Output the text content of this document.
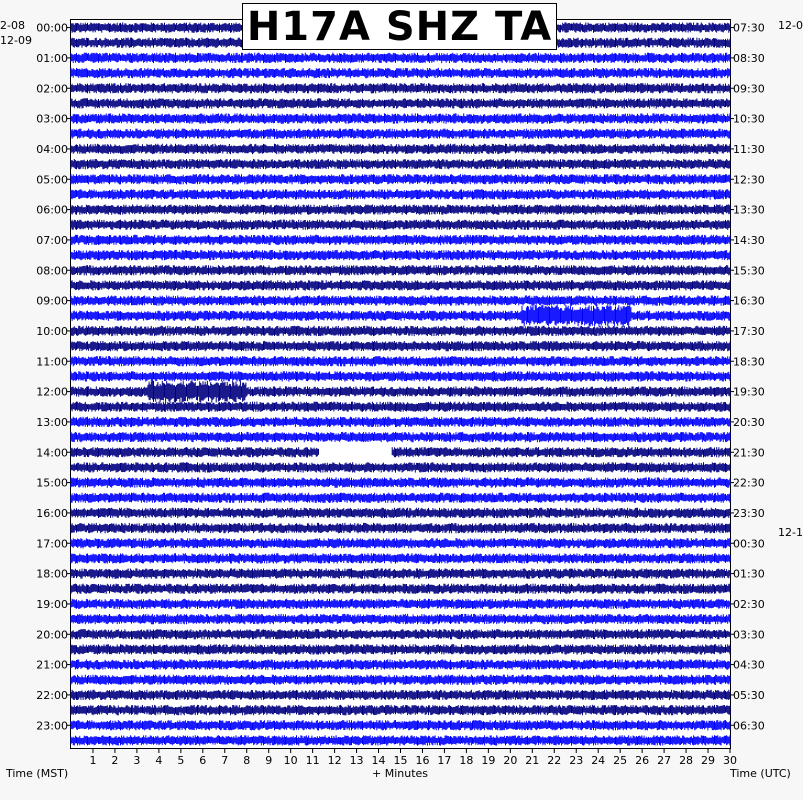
1 2 3 4 5 6 7 8 9 10 11 12 13 14 15 16 17 18 19 20 21 22 23 24 25 26 27 28 29 30
00:00
01:00
02:00
03:00
04:00
05:00
06:00
07:00
08:00
09:00
10:00
11:00
12:00
13:00
14:00
15:00
16:00
17:00
18:00
19:00
20:00
21:00
22:00
23:00
07:30
08:30
09:30
10:30
11:30
12:30
13:30
14:30
15:30
16:30
17:30
18:30
19:30
20:30
21:30
22:30
23:30
00:30
01:30
02:30
03:30
04:30
05:30
06:30
H17A SHZ TA
2-08
12-09
12-0
12-1
Time (MST)	+ Minutes	Time (UTC)
